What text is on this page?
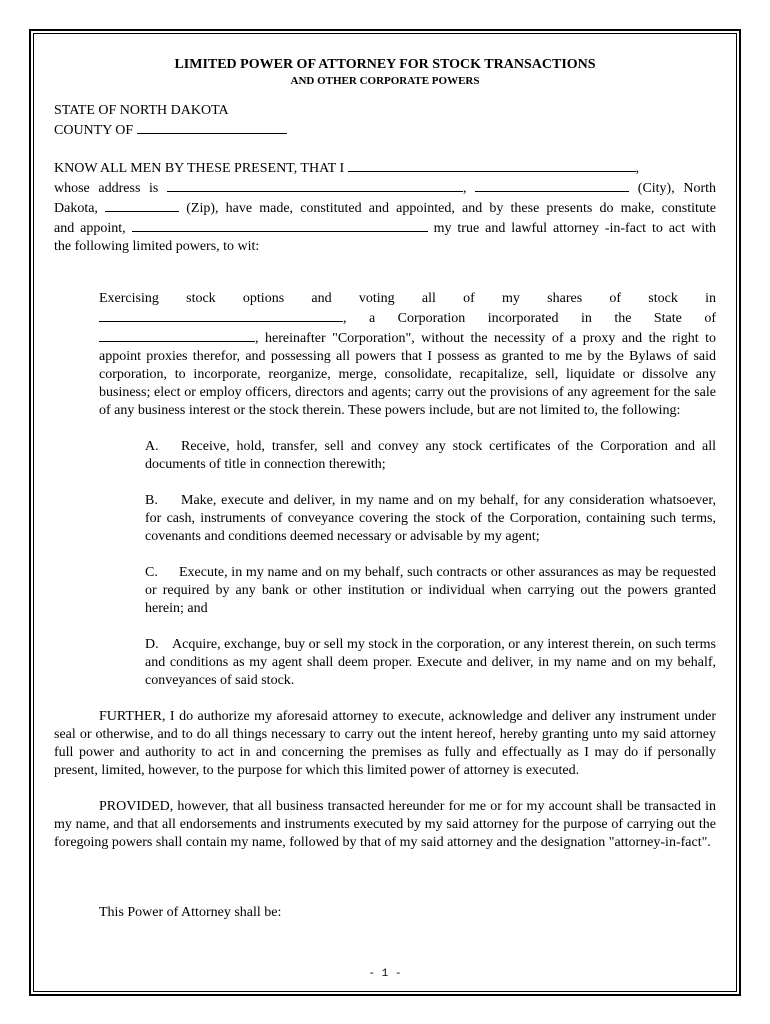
LIMITED POWER OF ATTORNEY FOR STOCK TRANSACTIONS

AND OTHER CORPORATE POWERS

STATE OF NORTH DAKOTA

COUNTY OF

KNOW ALL MEN BY THESE PRESENT, THAT I	,

whose address is	,	(City), North

Dakota,	(Zip), have made, constituted and appointed, and by these presents do make, constitute

and appoint,	my true and lawful attorney -in-fact to act with

the following limited powers, to wit:

Exercising stock options and voting all of my shares of stock in

, a Corporation incorporated in the State of

, hereinafter "Corporation", without the necessity of a proxy and the right to

appoint proxies therefor, and possessing all powers that I possess as granted to me by the Bylaws of said corporation, to incorporate, reorganize, merge, consolidate, recapitalize, sell, liquidate or dissolve any business; elect or employ officers, directors and agents; carry out the provisions of any agreement for the sale of any business interest or the stock therein. These powers include, but are not limited to, the following:

A. Receive, hold, transfer, sell and convey any stock certificates of the Corporation and all documents of title in connection therewith;

B. Make, execute and deliver, in my name and on my behalf, for any consideration whatsoever, for cash, instruments of conveyance covering the stock of the Corporation, containing such terms, covenants and conditions deemed necessary or advisable by my agent;

C. Execute, in my name and on my behalf, such contracts or other assurances as may be requested or required by any bank or other institution or individual when carrying out the powers granted herein; and

D. Acquire, exchange, buy or sell my stock in the corporation, or any interest therein, on such terms and conditions as my agent shall deem proper. Execute and deliver, in my name and on my behalf, conveyances of said stock.

FURTHER, I do authorize my aforesaid attorney to execute, acknowledge and deliver any instrument under seal or otherwise, and to do all things necessary to carry out the intent hereof, hereby granting unto my said attorney full power and authority to act in and concerning the premises as fully and effectually as I may do if personally present, limited, however, to the purpose for which this limited power of attorney is executed.

PROVIDED, however, that all business transacted hereunder for me or for my account shall be transacted in my name, and that all endorsements and instruments executed by my said attorney for the purpose of carrying out the foregoing powers shall contain my name, followed by that of my said attorney and the designation "attorney-in-fact".

This Power of Attorney shall be:

- 1 -
